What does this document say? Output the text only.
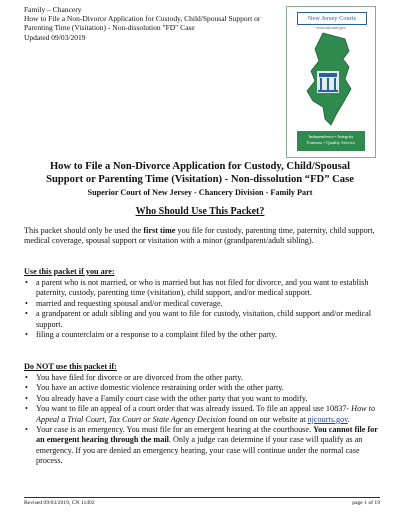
Family – Chancery
How to File a Non-Divorce Application for Custody, Child/Spousal Support or
Parenting Time (Visitation) - Non-dissolution "FD" Case
Updated 09/03/2019
New Jersey Courts
www.njcourts.gov
Independence • Integrity
Fairness • Quality Service
How to File a Non-Divorce Application for Custody, Child/Spousal
Support or Parenting Time (Visitation) - Non-dissolution “FD” Case
Superior Court of New Jersey - Chancery Division - Family Part
Who Should Use This Packet?
This packet should only be used the first time you file for custody, parenting time, paternity, child support, medical coverage, spousal support or visitation with a minor (grandparent/adult sibling).
Use this packet if you are:
• a parent who is not married, or who is married but has not filed for divorce, and you want to establish paternity, custody, parenting time (visitation), child support, and/or medical support.
• married and requesting spousal and/or medical coverage.
• a grandparent or adult sibling and you want to file for custody, visitation, child support and/or medical support.
• filing a counterclaim or a response to a complaint filed by the other party.
Do NOT use this packet if:
• You have filed for divorce or are divorced from the other party.
• You have an active domestic violence restraining order with the other party.
• You already have a Family court case with the other party that you want to modify.
• You want to file an appeal of a court order that was already issued. To file an appeal use 10837- How to Appeal a Trial Court, Tax Court or State Agency Decision found on our website at njcourts.gov.
• Your case is an emergency. You must file for an emergent hearing at the courthouse. You cannot file for an emergent hearing through the mail. Only a judge can determine if your case will qualify as an emergency. If you are denied an emergency hearing, your case will continue under the normal case process.
Revised 09/03/2019, CN 11492	page 1 of 19
